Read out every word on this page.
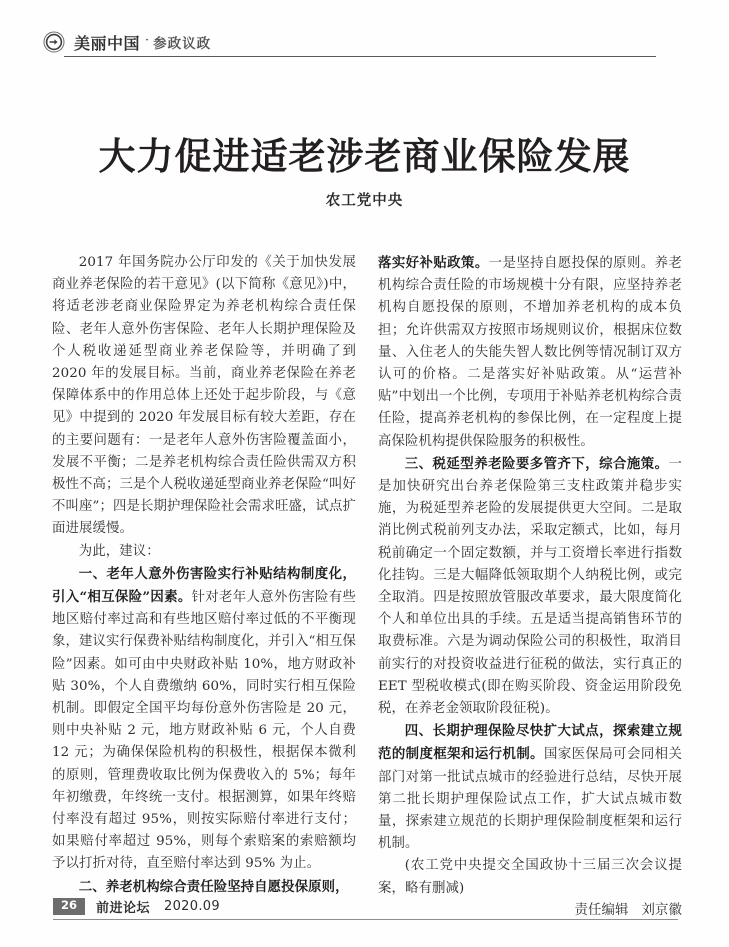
美丽中国 · 参政议政
大力促进适老涉老商业保险发展
农工党中央

2017 年国务院办公厅印发的《关于加快发展商业养老保险的若干意见》(以下简称《意见》)中，将适老涉老商业保险界定为养老机构综合责任保险、老年人意外伤害保险、老年人长期护理保险及个人税收递延型商业养老保险等，并明确了到 2020 年的发展目标。当前，商业养老保险在养老保障体系中的作用总体上还处于起步阶段，与《意见》中提到的 2020 年发展目标有较大差距，存在的主要问题有：一是老年人意外伤害险覆盖面小，发展不平衡；二是养老机构综合责任险供需双方积极性不高；三是个人税收递延型商业养老保险“叫好不叫座”；四是长期护理保险社会需求旺盛，试点扩面进展缓慢。

为此，建议：

一、老年人意外伤害险实行补贴结构制度化，引入“相互保险”因素。针对老年人意外伤害险有些地区赔付率过高和有些地区赔付率过低的不平衡现象，建议实行保费补贴结构制度化，并引入“相互保险”因素。如可由中央财政补贴 10%，地方财政补贴 30%，个人自费缴纳 60%，同时实行相互保险机制。即假定全国平均每份意外伤害险是 20 元，则中央补贴 2 元，地方财政补贴 6 元，个人自费 12 元；为确保保险机构的积极性，根据保本微利的原则，管理费收取比例为保费收入的 5%；每年年初缴费，年终统一支付。根据测算，如果年终赔付率没有超过 95%，则按实际赔付率进行支付；如果赔付率超过 95%，则每个索赔案的索赔额均予以打折对待，直至赔付率达到 95% 为止。

二、养老机构综合责任险坚持自愿投保原则，

落实好补贴政策。一是坚持自愿投保的原则。养老机构综合责任险的市场规模十分有限，应坚持养老机构自愿投保的原则，不增加养老机构的成本负担；允许供需双方按照市场规则议价，根据床位数量、入住老人的失能失智人数比例等情况制订双方认可的价格。二是落实好补贴政策。从“运营补贴”中划出一个比例，专项用于补贴养老机构综合责任险，提高养老机构的参保比例，在一定程度上提高保险机构提供保险服务的积极性。

三、税延型养老险要多管齐下，综合施策。一是加快研究出台养老保险第三支柱政策并稳步实施，为税延型养老险的发展提供更大空间。二是取消比例式税前列支办法，采取定额式，比如，每月税前确定一个固定数额，并与工资增长率进行指数化挂钩。三是大幅降低领取期个人纳税比例，或完全取消。四是按照放管服改革要求，最大限度简化个人和单位出具的手续。五是适当提高销售环节的取费标准。六是为调动保险公司的积极性，取消目前实行的对投资收益进行征税的做法，实行真正的 EET 型税收模式(即在购买阶段、资金运用阶段免税，在养老金领取阶段征税)。

四、长期护理保险尽快扩大试点，探索建立规范的制度框架和运行机制。国家医保局可会同相关部门对第一批试点城市的经验进行总结，尽快开展第二批长期护理保险试点工作，扩大试点城市数量，探索建立规范的长期护理保险制度框架和运行机制。

(农工党中央提交全国政协十三届三次会议提案，略有删减)

责任编辑 刘京徽

26	前进论坛 2020.09
